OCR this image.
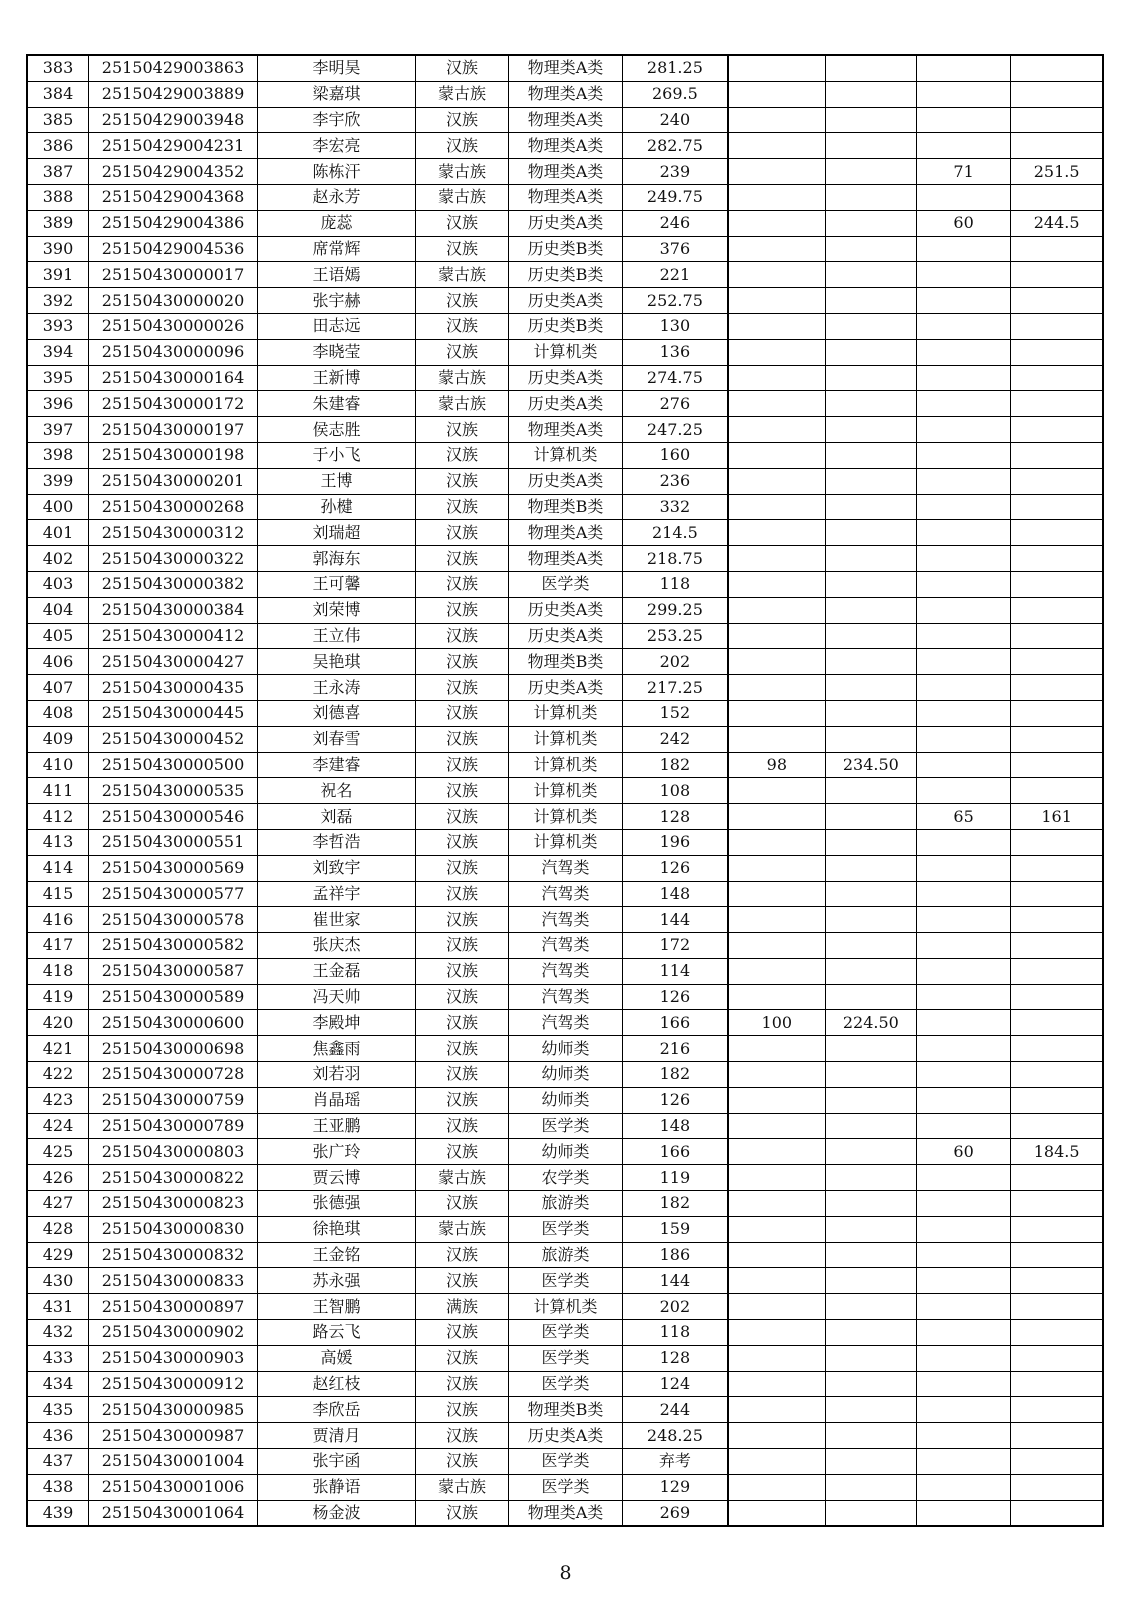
383	25150429003863	李明昊	汉族	物理类A类	281.25				
384	25150429003889	梁嘉琪	蒙古族	物理类A类	269.5				
385	25150429003948	李宇欣	汉族	物理类A类	240				
386	25150429004231	李宏亮	汉族	物理类A类	282.75				
387	25150429004352	陈栋汗	蒙古族	物理类A类	239			71	251.5
388	25150429004368	赵永芳	蒙古族	物理类A类	249.75				
389	25150429004386	庞蕊	汉族	历史类A类	246			60	244.5
390	25150429004536	席常辉	汉族	历史类B类	376				
391	25150430000017	王语嫣	蒙古族	历史类B类	221				
392	25150430000020	张宇赫	汉族	历史类A类	252.75				
393	25150430000026	田志远	汉族	历史类B类	130				
394	25150430000096	李晓莹	汉族	计算机类	136				
395	25150430000164	王新博	蒙古族	历史类A类	274.75				
396	25150430000172	朱建睿	蒙古族	历史类A类	276				
397	25150430000197	侯志胜	汉族	物理类A类	247.25				
398	25150430000198	于小飞	汉族	计算机类	160				
399	25150430000201	王博	汉族	历史类A类	236				
400	25150430000268	孙楗	汉族	物理类B类	332				
401	25150430000312	刘瑞超	汉族	物理类A类	214.5				
402	25150430000322	郭海东	汉族	物理类A类	218.75				
403	25150430000382	王可馨	汉族	医学类	118				
404	25150430000384	刘荣博	汉族	历史类A类	299.25				
405	25150430000412	王立伟	汉族	历史类A类	253.25				
406	25150430000427	吴艳琪	汉族	物理类B类	202				
407	25150430000435	王永涛	汉族	历史类A类	217.25				
408	25150430000445	刘德喜	汉族	计算机类	152				
409	25150430000452	刘春雪	汉族	计算机类	242				
410	25150430000500	李建睿	汉族	计算机类	182	98	234.50		
411	25150430000535	祝名	汉族	计算机类	108				
412	25150430000546	刘磊	汉族	计算机类	128			65	161
413	25150430000551	李哲浩	汉族	计算机类	196				
414	25150430000569	刘致宇	汉族	汽驾类	126				
415	25150430000577	孟祥宇	汉族	汽驾类	148				
416	25150430000578	崔世家	汉族	汽驾类	144				
417	25150430000582	张庆杰	汉族	汽驾类	172				
418	25150430000587	王金磊	汉族	汽驾类	114				
419	25150430000589	冯天帅	汉族	汽驾类	126				
420	25150430000600	李殿坤	汉族	汽驾类	166	100	224.50		
421	25150430000698	焦鑫雨	汉族	幼师类	216				
422	25150430000728	刘若羽	汉族	幼师类	182				
423	25150430000759	肖晶瑶	汉族	幼师类	126				
424	25150430000789	王亚鹏	汉族	医学类	148				
425	25150430000803	张广玲	汉族	幼师类	166			60	184.5
426	25150430000822	贾云博	蒙古族	农学类	119				
427	25150430000823	张德强	汉族	旅游类	182				
428	25150430000830	徐艳琪	蒙古族	医学类	159				
429	25150430000832	王金铭	汉族	旅游类	186				
430	25150430000833	苏永强	汉族	医学类	144				
431	25150430000897	王智鹏	满族	计算机类	202				
432	25150430000902	路云飞	汉族	医学类	118				
433	25150430000903	高媛	汉族	医学类	128				
434	25150430000912	赵红枝	汉族	医学类	124				
435	25150430000985	李欣岳	汉族	物理类B类	244				
436	25150430000987	贾清月	汉族	历史类A类	248.25				
437	25150430001004	张宇函	汉族	医学类	弃考				
438	25150430001006	张静语	蒙古族	医学类	129				
439	25150430001064	杨金波	汉族	物理类A类	269				
8
